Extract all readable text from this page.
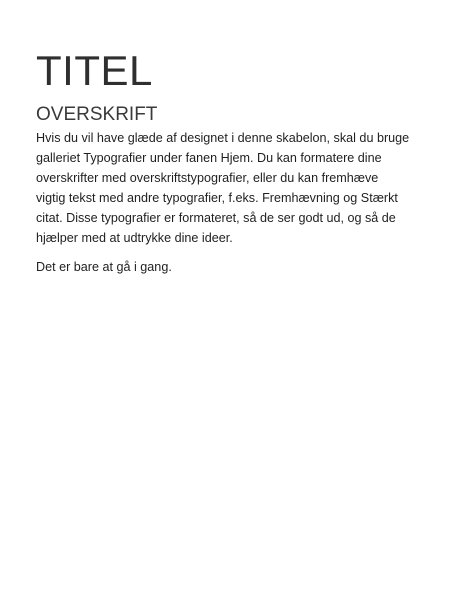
TITEL
OVERSKRIFT

Hvis du vil have glæde af designet i denne skabelon, skal du bruge
galleriet Typografier under fanen Hjem. Du kan formatere dine
overskrifter med overskriftstypografier, eller du kan fremhæve
vigtig tekst med andre typografier, f.eks. Fremhævning og Stærkt
citat. Disse typografier er formateret, så de ser godt ud, og så de
hjælper med at udtrykke dine ideer.

Det er bare at gå i gang.
